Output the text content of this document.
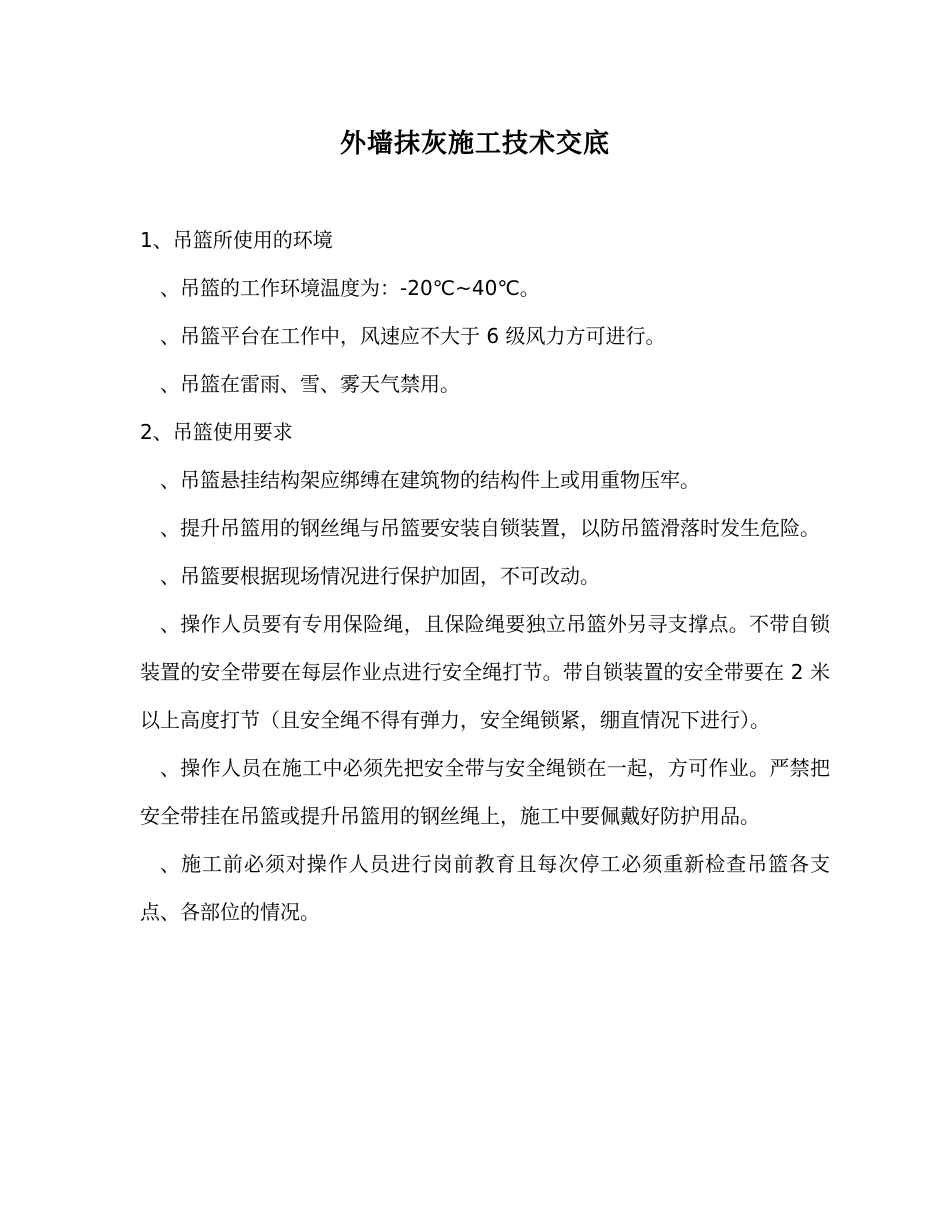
外墙抹灰施工技术交底

1、吊篮所使用的环境

、吊篮的工作环境温度为：-20℃~40℃。

、吊篮平台在工作中，风速应不大于 6 级风力方可进行。

、吊篮在雷雨、雪、雾天气禁用。

2、吊篮使用要求

、吊篮悬挂结构架应绑缚在建筑物的结构件上或用重物压牢。

、提升吊篮用的钢丝绳与吊篮要安装自锁装置，以防吊篮滑落时发生危险。

、吊篮要根据现场情况进行保护加固，不可改动。

、操作人员要有专用保险绳，且保险绳要独立吊篮外另寻支撑点。不带自锁装置的安全带要在每层作业点进行安全绳打节。带自锁装置的安全带要在 2 米以上高度打节（且安全绳不得有弹力，安全绳锁紧，绷直情况下进行）。

、操作人员在施工中必须先把安全带与安全绳锁在一起，方可作业。严禁把安全带挂在吊篮或提升吊篮用的钢丝绳上，施工中要佩戴好防护用品。

、施工前必须对操作人员进行岗前教育且每次停工必须重新检查吊篮各支点、各部位的情况。
